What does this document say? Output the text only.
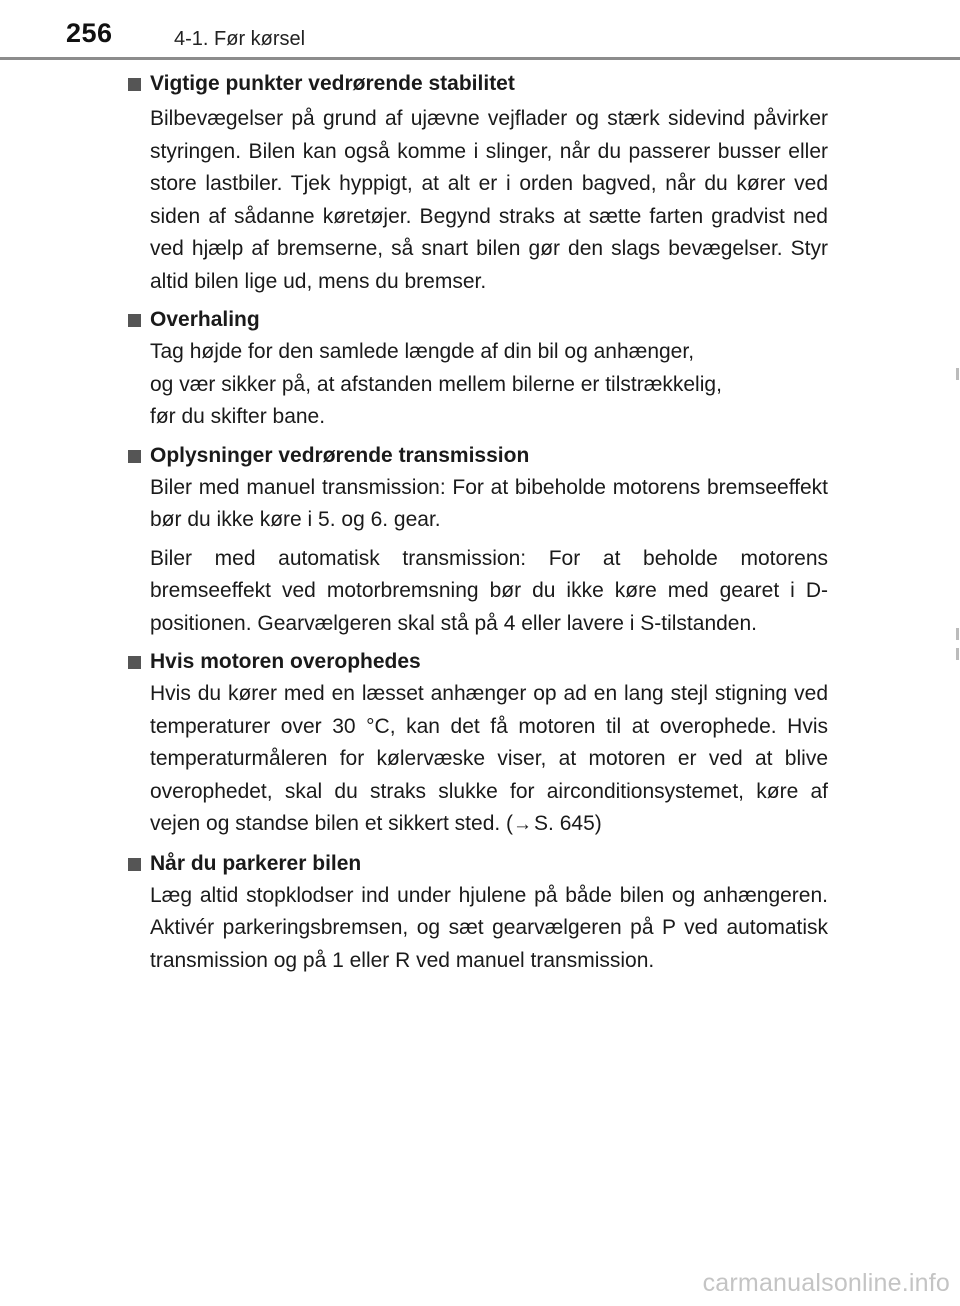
256	4-1. Før kørsel
Vigtige punkter vedrørende stabilitet

Bilbevægelser på grund af ujævne vejflader og stærk sidevind påvirker styringen. Bilen kan også komme i slinger, når du passerer busser eller store lastbiler. Tjek hyppigt, at alt er i orden bagved, når du kører ved siden af sådanne køretøjer. Begynd straks at sætte farten gradvist ned ved hjælp af bremserne, så snart bilen gør den slags bevægelser. Styr altid bilen lige ud, mens du bremser.

Overhaling

Tag højde for den samlede længde af din bil og anhænger,
og vær sikker på, at afstanden mellem bilerne er tilstrækkelig,
før du skifter bane.

Oplysninger vedrørende transmission

Biler med manuel transmission: For at bibeholde motorens bremseeffekt bør du ikke køre i 5. og 6. gear.

Biler med automatisk transmission: For at beholde motorens bremseeffekt ved motorbremsning bør du ikke køre med gearet i D-positionen. Gearvælgeren skal stå på 4 eller lavere i S-tilstanden.

Hvis motoren overophedes

Hvis du kører med en læsset anhænger op ad en lang stejl stigning ved temperaturer over 30 °C, kan det få motoren til at overophede. Hvis temperaturmåleren for kølervæske viser, at motoren er ved at blive overophedet, skal du straks slukke for airconditionsystemet, køre af vejen og standse bilen et sikkert sted. (→S. 645)

Når du parkerer bilen

Læg altid stopklodser ind under hjulene på både bilen og anhængeren. Aktivér parkeringsbremsen, og sæt gearvælgeren på P ved automatisk transmission og på 1 eller R ved manuel transmission.

carmanualsonline.info
